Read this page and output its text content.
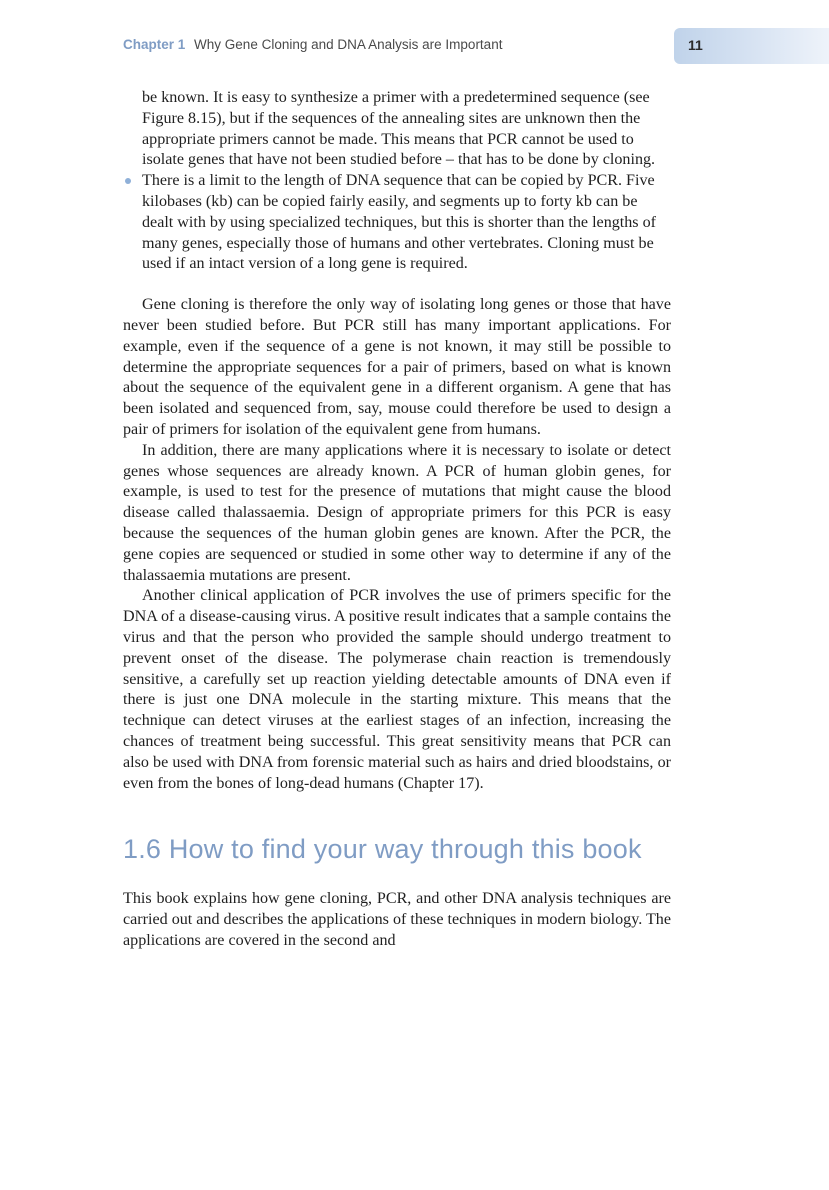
Chapter 1 Why Gene Cloning and DNA Analysis are Important	11
be known. It is easy to synthesize a primer with a predetermined sequence (see Figure 8.15), but if the sequences of the annealing sites are unknown then the appropriate primers cannot be made. This means that PCR cannot be used to isolate genes that have not been studied before – that has to be done by cloning.
There is a limit to the length of DNA sequence that can be copied by PCR. Five kilobases (kb) can be copied fairly easily, and segments up to forty kb can be dealt with by using specialized techniques, but this is shorter than the lengths of many genes, especially those of humans and other vertebrates. Cloning must be used if an intact version of a long gene is required.

Gene cloning is therefore the only way of isolating long genes or those that have never been studied before. But PCR still has many important applications. For example, even if the sequence of a gene is not known, it may still be possible to determine the appropriate sequences for a pair of primers, based on what is known about the sequence of the equivalent gene in a different organism. A gene that has been isolated and sequenced from, say, mouse could therefore be used to design a pair of primers for isolation of the equivalent gene from humans.

In addition, there are many applications where it is necessary to isolate or detect genes whose sequences are already known. A PCR of human globin genes, for example, is used to test for the presence of mutations that might cause the blood disease called thalassaemia. Design of appropriate primers for this PCR is easy because the sequences of the human globin genes are known. After the PCR, the gene copies are sequenced or studied in some other way to determine if any of the thalassaemia mutations are present.

Another clinical application of PCR involves the use of primers specific for the DNA of a disease-causing virus. A positive result indicates that a sample contains the virus and that the person who provided the sample should undergo treatment to prevent onset of the disease. The polymerase chain reaction is tremendously sensitive, a carefully set up reaction yielding detectable amounts of DNA even if there is just one DNA molecule in the starting mixture. This means that the technique can detect viruses at the earliest stages of an infection, increasing the chances of treatment being successful. This great sensitivity means that PCR can also be used with DNA from forensic material such as hairs and dried bloodstains, or even from the bones of long-dead humans (Chapter 17).

1.6 How to find your way through this book

This book explains how gene cloning, PCR, and other DNA analysis techniques are carried out and describes the applications of these techniques in modern biology. The applications are covered in the second and
